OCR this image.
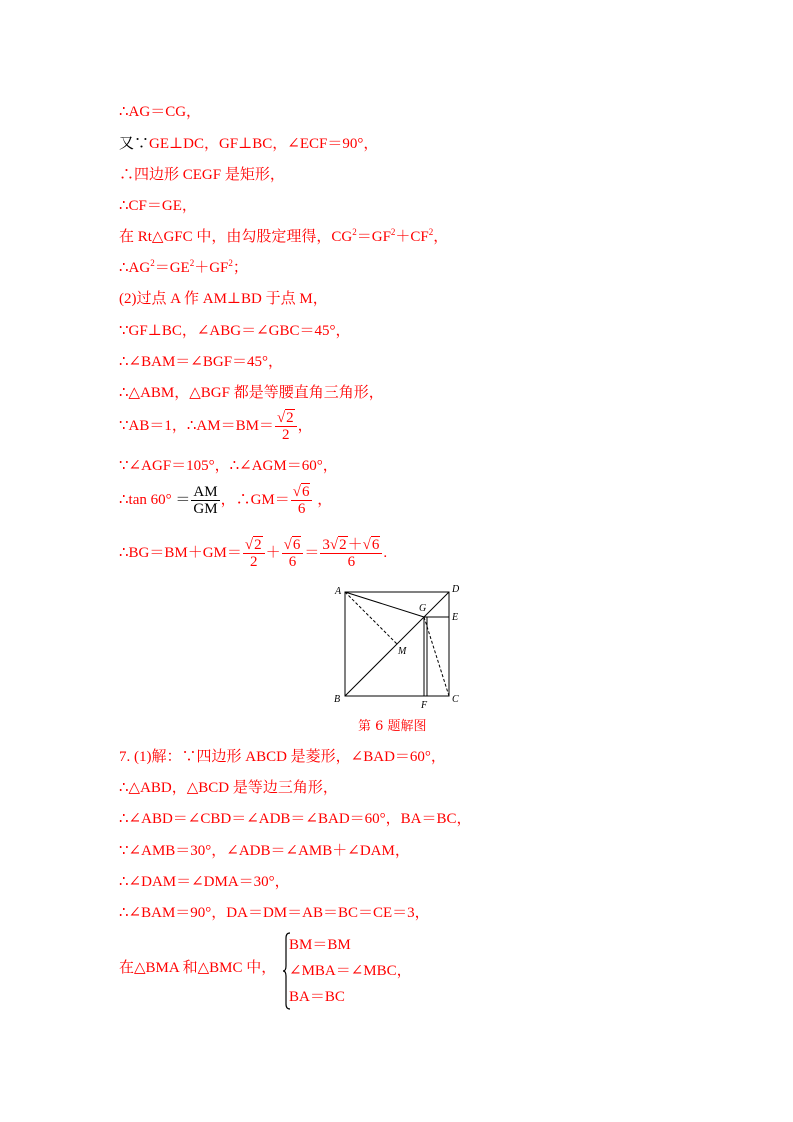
∴AG＝CG，
又∵GE⊥DC，GF⊥BC，∠ECF＝90°，
∴四边形 CEGF 是矩形，
∴CF＝GE，
在 Rt△GFC 中，由勾股定理得，$CG^2=GF^2+CF^2$，
$\therefore AG^2=GE^2+GF^2$；
(2)过点 A 作 AM⊥BD 于点 M，
∵GF⊥BC，∠ABG＝∠GBC＝45°，
∴∠BAM＝∠BGF＝45°，
∴△ABM，△BGF 都是等腰直角三角形，
∵AB＝1，∴AM＝BM＝ $\frac{√2}{2}$ ，
∵∠AGF＝105°，∴∠AGM＝60°，
∴tan $60^\circ = \frac{AM}{GM}$ ，∴GM＝ $\frac{√6}{6}$ ，
∴BG＝BM＋GM＝ $\frac{√2}{2} + \frac{√6}{6} = \frac{3√2+√6}{6}$ .
A
B	C
D
E
F
G
M
第 6 题解图
7. (1)解：∵四边形 ABCD 是菱形，∠BAD＝60°，
∴△ABD，△BCD 是等边三角形，
∴∠ABD＝∠CBD＝∠ADB＝∠BAD＝60°，BA＝BC，
∵∠AMB＝30°，∠ADB＝∠AMB＋∠DAM，
∴∠DAM＝∠DMA＝30°，
∴∠BAM＝90°，DA＝DM＝AB＝BC＝CE＝3，
在△BMA 和△BMC 中，
BM＝BM
∠MBA＝∠MBC，
BA＝BC
